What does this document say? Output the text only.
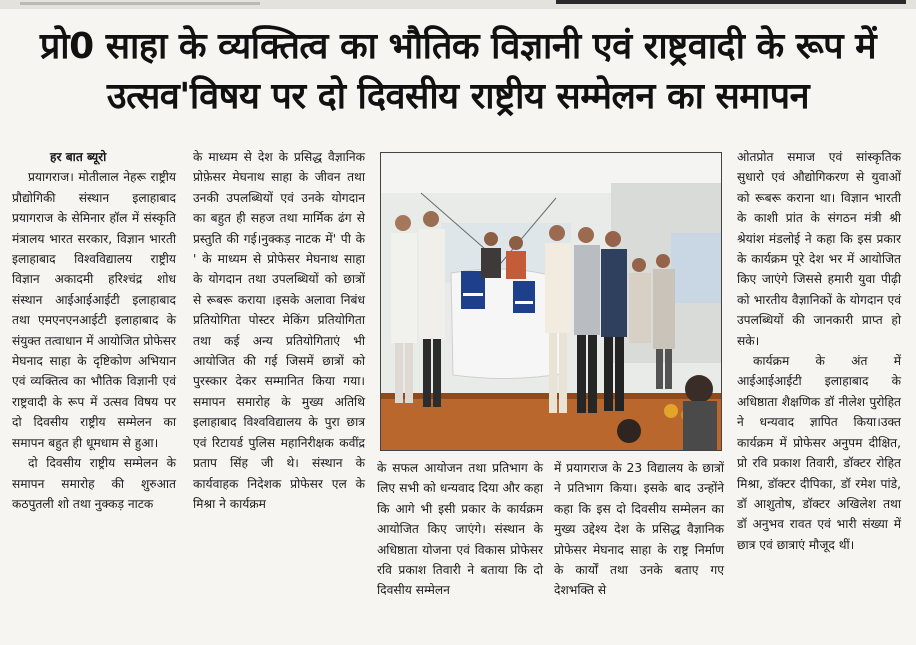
प्रो0 साहा के व्यक्तित्व का भौतिक विज्ञानी एवं राष्ट्रवादी के रूप में
उत्सव'विषय पर दो दिवसीय राष्ट्रीय सम्मेलन का समापन

हर बात ब्यूरो

प्रयागराज। मोतीलाल नेहरू राष्ट्रीय प्रौद्योगिकी संस्थान इलाहाबाद प्रयागराज के सेमिनार हॉल में संस्कृति मंत्रालय भारत सरकार, विज्ञान भारती इलाहाबाद विश्वविद्यालय राष्ट्रीय विज्ञान अकादमी हरिश्चंद्र शोध संस्थान आईआईआईटी इलाहाबाद तथा एमएनएनआईटी इलाहाबाद के संयुक्त तत्वाधान में आयोजित प्रोफेसर मेघनाद साहा के दृष्टिकोण अभियान एवं व्यक्तित्व का भौतिक विज्ञानी एवं राष्ट्रवादी के रूप में उत्सव विषय पर दो दिवसीय राष्ट्रीय सम्मेलन का समापन बहुत ही धूमधाम से हुआ।

दो दिवसीय राष्ट्रीय सम्मेलन के समापन समारोह की शुरुआत कठपुतली शो तथा नुक्कड़ नाटक

के माध्यम से देश के प्रसिद्ध वैज्ञानिक प्रोफ़ेसर मेघनाथ साहा के जीवन तथा उनकी उपलब्धियों एवं उनके योगदान का बहुत ही सहज तथा मार्मिक ढंग से प्रस्तुति की गई।नुक्कड़ नाटक में' पी के ' के माध्यम से प्रोफेसर मेघनाथ साहा के योगदान तथा उपलब्धियों को छात्रों से रूबरू कराया ।इसके अलावा निबंध प्रतियोगिता पोस्टर मेकिंग प्रतियोगिता तथा कई अन्य प्रतियोगिताएं भी आयोजित की गई जिसमें छात्रों को पुरस्कार देकर सम्मानित किया गया।समापन समारोह के मुख्य अतिथि इलाहाबाद विश्वविद्यालय के पुरा छात्र एवं रिटायर्ड पुलिस महानिरीक्षक कवींद्र प्रताप सिंह जी थे। संस्थान के कार्यवाहक निदेशक प्रोफेसर एल के मिश्रा ने कार्यक्रम

के सफल आयोजन तथा प्रतिभाग के लिए सभी को धन्यवाद दिया और कहा कि आगे भी इसी प्रकार के कार्यक्रम आयोजित किए जाएंगे। संस्थान के अधिष्ठाता योजना एवं विकास प्रोफेसर रवि प्रकाश तिवारी ने बताया कि दो दिवसीय सम्मेलन

में प्रयागराज के 23 विद्यालय के छात्रों ने प्रतिभाग किया। इसके बाद उन्होंने कहा कि इस दो दिवसीय सम्मेलन का मुख्य उद्देश्य देश के प्रसिद्ध वैज्ञानिक प्रोफेसर मेघनाद साहा के राष्ट्र निर्माण के कार्यों तथा उनके बताए गए देशभक्ति से

ओतप्रोत समाज एवं सांस्कृतिक सुधारो एवं औद्योगिकरण से युवाओं को रूबरू कराना था। विज्ञान भारती के काशी प्रांत के संगठन मंत्री श्री श्रेयांश मंडलोई ने कहा कि इस प्रकार के कार्यक्रम पूरे देश भर में आयोजित किए जाएंगे जिससे हमारी युवा पीढ़ी को भारतीय वैज्ञानिकों के योगदान एवं उपलब्धियों की जानकारी प्राप्त हो सके।

कार्यक्रम के अंत में आईआईआईटी इलाहाबाद के अधिष्ठाता शैक्षणिक डॉ नीलेश पुरोहित ने धन्यवाद ज्ञापित किया।उक्त कार्यक्रम में प्रोफेसर अनुपम दीक्षित, प्रो रवि प्रकाश तिवारी, डॉक्टर रोहित मिश्रा, डॉक्टर दीपिका, डॉ रमेश पांडे, डॉ आशुतोष, डॉक्टर अखिलेश तथा डॉ अनुभव रावत एवं भारी संख्या में छात्र एवं छात्राएं मौजूद थीं।
